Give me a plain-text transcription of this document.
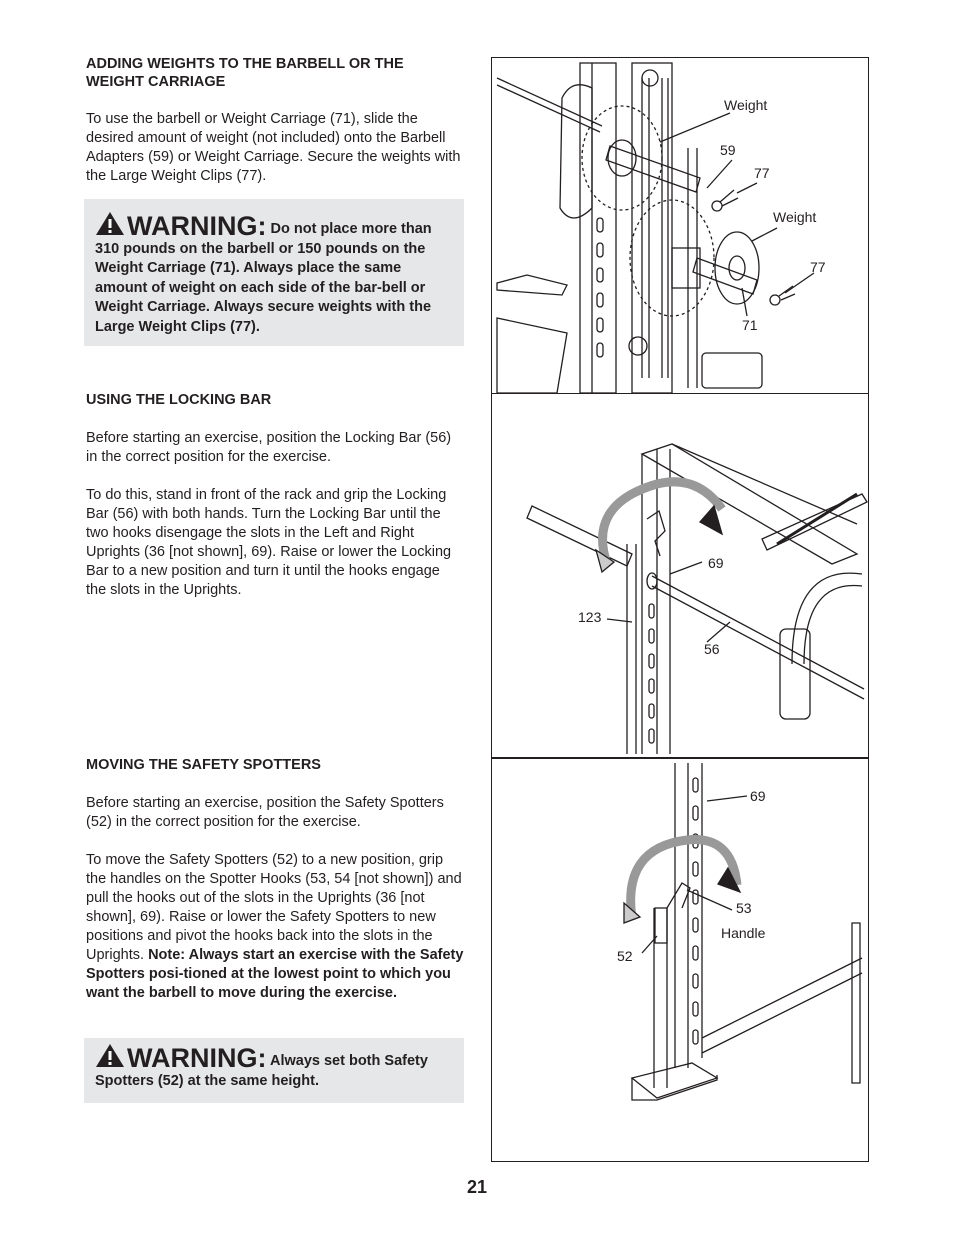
ADDING WEIGHTS TO THE BARBELL OR THE WEIGHT CARRIAGE

To use the barbell or Weight Carriage (71), slide the desired amount of weight (not included) onto the Barbell Adapters (59) or Weight Carriage. Secure the weights with the Large Weight Clips (77).

WARNING: Do not place more than 310 pounds on the barbell or 150 pounds on the Weight Carriage (71). Always place the same amount of weight on each side of the bar-bell or Weight Carriage. Always secure weights with the Large Weight Clips (77).

USING THE LOCKING BAR

Before starting an exercise, position the Locking Bar (56) in the correct position for the exercise.

To do this, stand in front of the rack and grip the Locking Bar (56) with both hands. Turn the Locking Bar until the two hooks disengage the slots in the Left and Right Uprights (36 [not shown], 69). Raise or lower the Locking Bar to a new position and turn it until the hooks engage the slots in the Uprights.

MOVING THE SAFETY SPOTTERS

Before starting an exercise, position the Safety Spotters (52) in the correct position for the exercise.

To move the Safety Spotters (52) to a new position, grip the handles on the Spotter Hooks (53, 54 [not shown]) and pull the hooks out of the slots in the Uprights (36 [not shown], 69). Raise or lower the Safety Spotters to new positions and pivot the hooks back into the slots in the Uprights. Note: Always start an exercise with the Safety Spotters posi-tioned at the lowest point to which you want the barbell to move during the exercise.

WARNING: Always set both Safety Spotters (52) at the same height.
Weight
59
77
Weight
77
71
69
123
56
69
53
Handle
52
21
